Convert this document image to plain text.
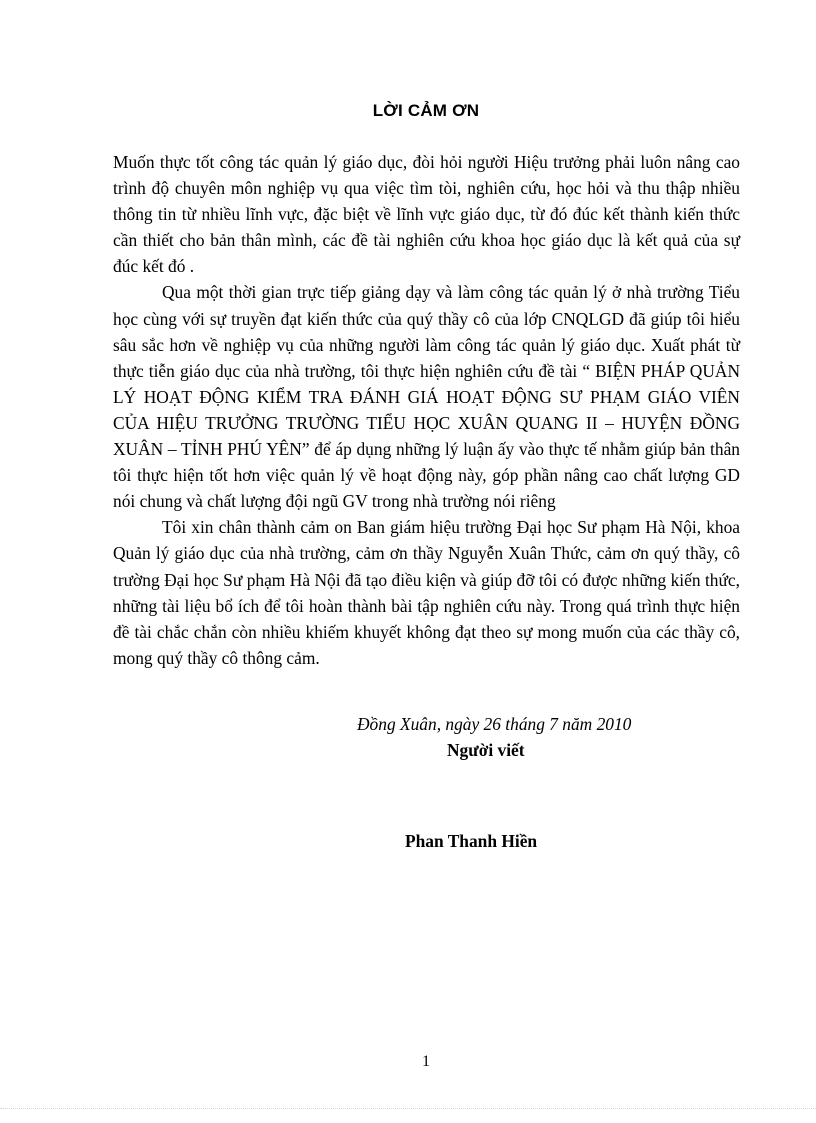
LỜI CẢM ƠN

Muốn thực tốt công tác quản lý giáo dục, đòi hỏi người Hiệu trưởng phải luôn nâng cao trình độ chuyên môn nghiệp vụ qua việc tìm tòi, nghiên cứu, học hỏi và thu thập nhiều thông tin từ nhiều lĩnh vực, đặc biệt về lĩnh vực giáo dục, từ đó đúc kết thành kiến thức cần thiết cho bản thân mình, các đề tài nghiên cứu khoa học giáo dục là kết quả của sự đúc kết đó .

Qua một thời gian trực tiếp giảng dạy và làm công tác quản lý ở nhà trường Tiểu học cùng với sự truyền đạt kiến thức của quý thầy cô của lớp CNQLGD đã giúp tôi hiểu sâu sắc hơn về nghiệp vụ của những người làm công tác quản lý giáo dục. Xuất phát từ thực tiễn giáo dục của nhà trường, tôi thực hiện nghiên cứu đề tài “ BIỆN PHÁP QUẢN LÝ HOẠT ĐỘNG KIỂM TRA ĐÁNH GIÁ HOẠT ĐỘNG SƯ PHẠM GIÁO VIÊN CỦA HIỆU TRƯỞNG TRƯỜNG TIỂU HỌC XUÂN QUANG II – HUYỆN ĐỒNG XUÂN – TỈNH PHÚ YÊN” để áp dụng những lý luận ấy vào thực tế nhằm giúp bản thân tôi thực hiện tốt hơn việc quản lý về hoạt động này, góp phần nâng cao chất lượng GD nói chung và chất lượng đội ngũ GV trong nhà trường nói riêng

Tôi xin chân thành cảm on Ban giám hiệu trường Đại học Sư phạm Hà Nội, khoa Quản lý giáo dục của nhà trường, cảm ơn thầy Nguyễn Xuân Thức, cảm ơn quý thầy, cô trường Đại học Sư phạm Hà Nội đã tạo điều kiện và giúp đỡ tôi có được những kiến thức, những tài liệu bổ ích để tôi hoàn thành bài tập nghiên cứu này. Trong quá trình thực hiện đề tài chắc chắn còn nhiều khiếm khuyết không đạt theo sự mong muốn của các thầy cô, mong quý thầy cô thông cảm.

Đồng Xuân, ngày 26 tháng 7 năm 2010
Người viết
Phan Thanh Hiền
1
